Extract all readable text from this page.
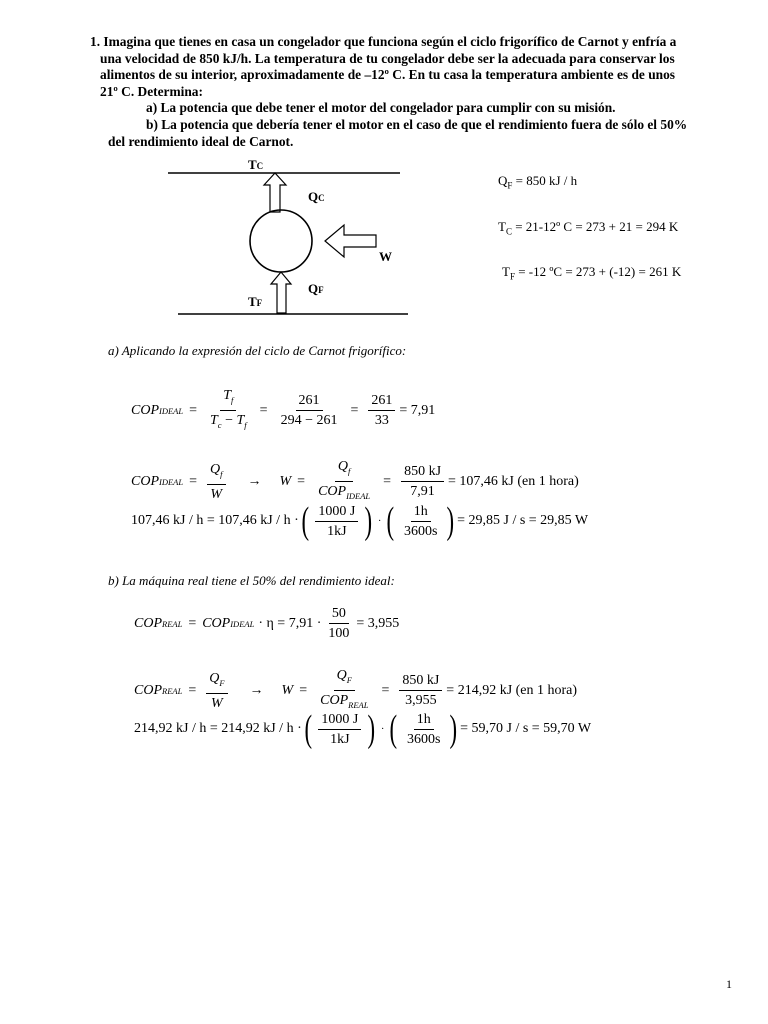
1. Imagina que tienes en casa un congelador que funciona según el ciclo frigorífico de Carnot y enfría a

una velocidad de 850 kJ/h. La temperatura de tu congelador debe ser la adecuada para conservar los

alimentos de su interior, aproximadamente de –12º C. En tu casa la temperatura ambiente es de unos

21º C. Determina:

a) La potencia que debe tener el motor del congelador para cumplir con su misión.

b) La potencia que debería tener el motor en el caso de que el rendimiento fuera de sólo el 50%

del rendimiento ideal de Carnot.

TC
QC
W
QF
TF
$Q_F = 850$ kJ / h
$T_C$ = 21-12º C = 273 + 21 = 294 K
$T_F = -12$ ºC = 273 + (-12) = 261 K
a) Aplicando la expresión del ciclo de Carnot frigorífico:
COP IDEAL = $\frac{T_f}{T_c - T_f} = \frac{261}{294 - 261} = \frac{261}{33} = 7,91$
COP IDEAL = $\frac{Q_f}{W} \to W = \frac{Q_f}{COP_{IDEAL}} = \frac{850 kJ}{7,91} = 107,46$ kJ (en 1 hora)
107,46 kJ / h = 107,46 kJ / h · ( $\frac{1000 J}{1kJ}$ ) · ( $\frac{1h}{3600s}$ ) = 29,85 J / s = 29,85 W
b) La máquina real tiene el 50% del rendimiento ideal:
COP REAL = COP IDEAL · $\eta = 7,91 \cdot \frac{50}{100} = 3,955$
COP REAL = $\frac{Q_F}{W} \to W = \frac{Q_F}{COP_{REAL}} = \frac{850 kJ}{3,955} = 214,92$ kJ (en 1 hora)
214,92 kJ / h = 214,92 kJ / h · ( $\frac{1000 J}{1kJ}$ ) · ( $\frac{1h}{3600s}$ ) = 59,70 J / s = 59,70 W
1
